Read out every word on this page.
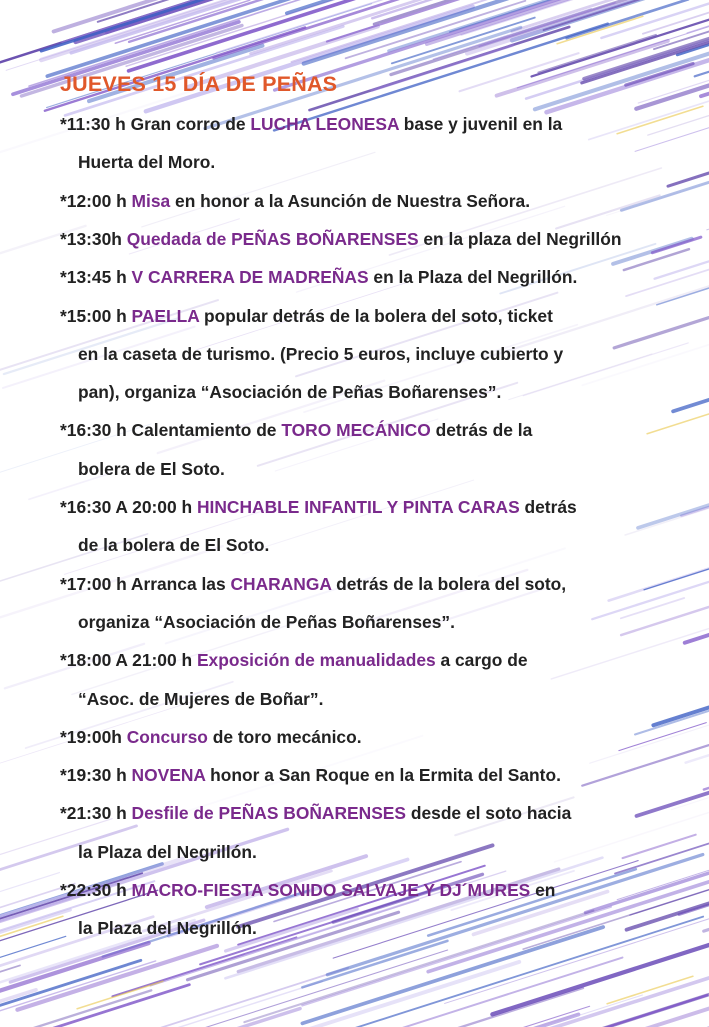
JUEVES 15 DÍA DE PEÑAS
*11:30 h Gran corro de LUCHA LEONESA base y juvenil en la
Huerta del Moro.
*12:00 h Misa en honor a la Asunción de Nuestra Señora.
*13:30h Quedada de PEÑAS BOÑARENSES en la plaza del Negrillón
*13:45 h V CARRERA DE MADREÑAS en la Plaza del Negrillón.
*15:00 h PAELLA popular detrás de la bolera del soto, ticket
en la caseta de turismo. (Precio 5 euros, incluye cubierto y
pan), organiza “Asociación de Peñas Boñarenses”.
*16:30 h Calentamiento de TORO MECÁNICO detrás de la
bolera de El Soto.
*16:30 A 20:00 h HINCHABLE INFANTIL Y PINTA CARAS detrás
de la bolera de El Soto.
*17:00 h Arranca las CHARANGA detrás de la bolera del soto,
organiza “Asociación de Peñas Boñarenses”.
*18:00 A 21:00 h Exposición de manualidades a cargo de
“Asoc. de Mujeres de Boñar”.
*19:00h Concurso de toro mecánico.
*19:30 h NOVENA honor a San Roque en la Ermita del Santo.
*21:30 h Desfile de PEÑAS BOÑARENSES desde el soto hacia
la Plaza del Negrillón.
*22:30 h MACRO-FIESTA SONIDO SALVAJE Y DJ´MURES en
la Plaza del Negrillón.
